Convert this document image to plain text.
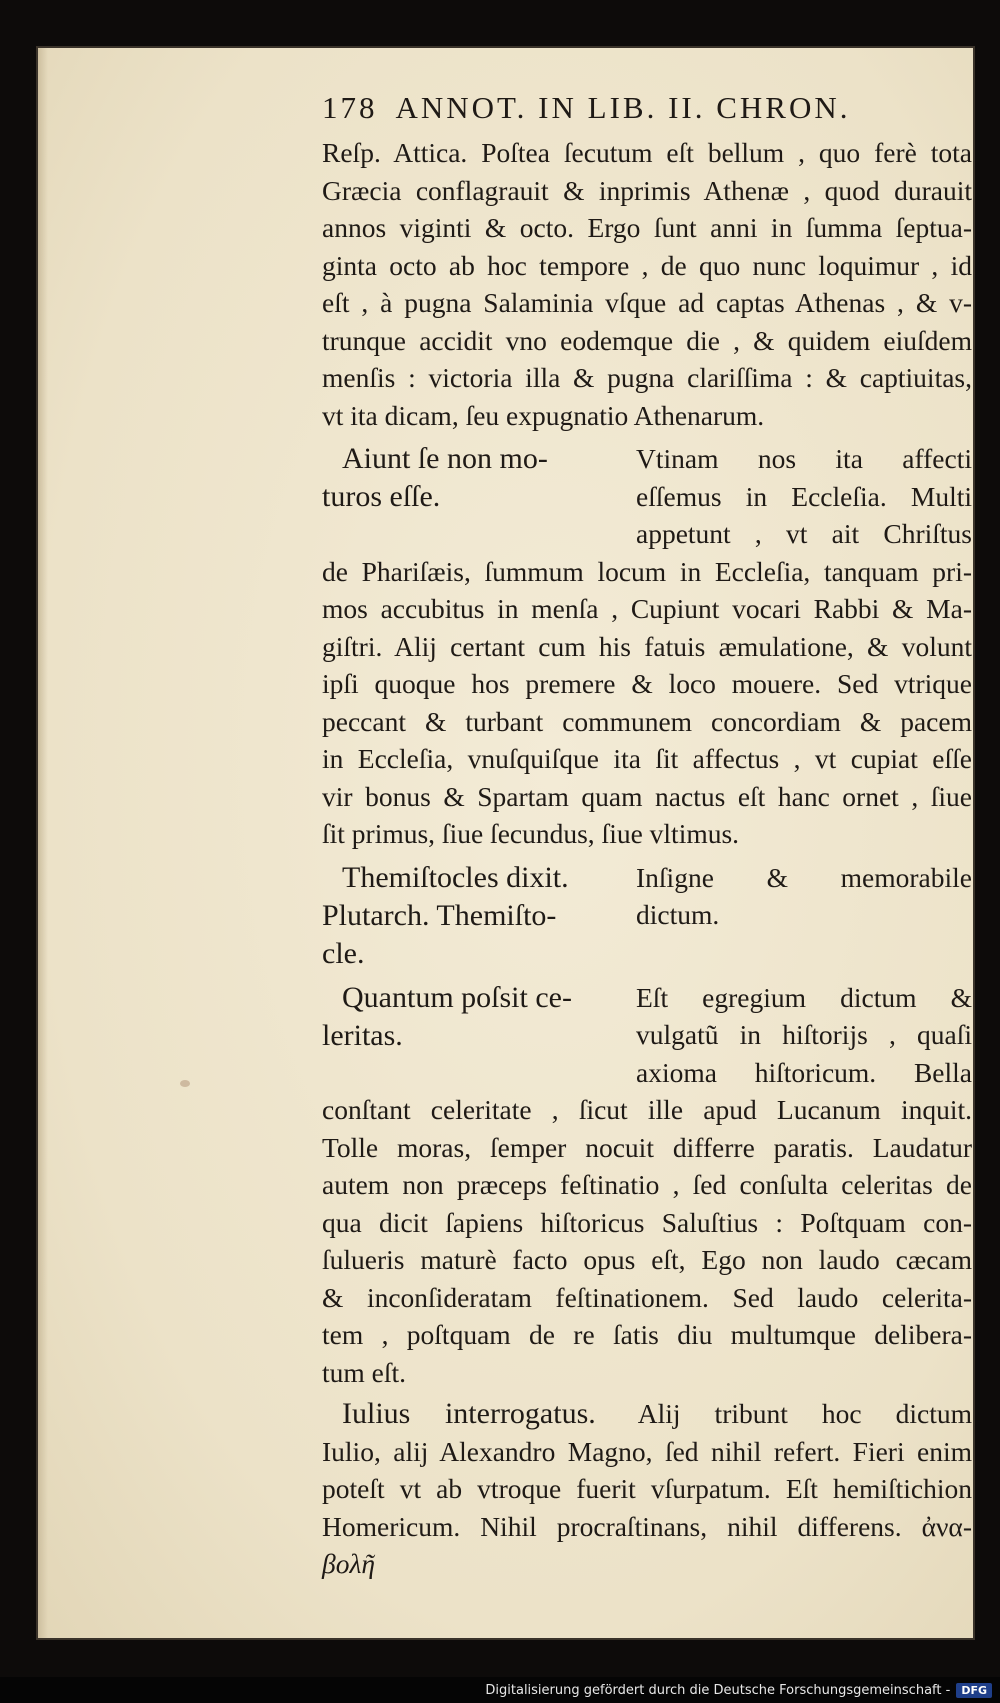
178 ANNOT. IN LIB. II. CHRON.

Reſp. Attica. Poſtea ſecutum eſt bellum , quo ferè tota

Græcia conflagrauit & inprimis Athenæ , quod durauit

annos viginti & octo. Ergo ſunt anni in ſumma ſeptua-

ginta octo ab hoc tempore , de quo nunc loquimur , id

eſt , à pugna Salaminia vſque ad captas Athenas , & v-

trunque accidit vno eodemque die , & quidem eiuſdem

menſis : victoria illa & pugna clariſſima : & captiuitas,

vt ita dicam, ſeu expugnatio Athenarum.

Aiunt ſe non mo-

turos eſſe.

Vtinam nos ita affecti

eſſemus in Eccleſia. Multi

appetunt , vt ait Chriſtus

de Phariſæis, ſummum locum in Eccleſia, tanquam pri-

mos accubitus in menſa , Cupiunt vocari Rabbi & Ma-

giſtri. Alij certant cum his fatuis æmulatione, & volunt

ipſi quoque hos premere & loco mouere. Sed vtrique

peccant & turbant communem concordiam & pacem

in Eccleſia, vnuſquiſque ita ſit affectus , vt cupiat eſſe

vir bonus & Spartam quam nactus eſt hanc ornet , ſiue

ſit primus, ſiue ſecundus, ſiue vltimus.

Themiſtocles dixit.

Plutarch. Themiſto-

cle.

Inſigne & memorabile

dictum.

Quantum poſsit ce-

leritas.

Eſt egregium dictum &

vulgatũ in hiſtorijs , quaſi

axioma hiſtoricum. Bella

conſtant celeritate , ſicut ille apud Lucanum inquit.

Tolle moras, ſemper nocuit differre paratis. Laudatur

autem non præceps feſtinatio , ſed conſulta celeritas de

qua dicit ſapiens hiſtoricus Saluſtius : Poſtquam con-

ſulueris maturè facto opus eſt, Ego non laudo cæcam

& inconſideratam feſtinationem. Sed laudo celerita-

tem , poſtquam de re ſatis diu multumque delibera-

tum eſt.

Iulius interrogatus. Alij tribunt hoc dictum

Iulio, alij Alexandro Magno, ſed nihil refert. Fieri enim

poteſt vt ab vtroque fuerit vſurpatum. Eſt hemiſtichion

Homericum. Nihil procraſtinans, nihil differens. ἀνα-

βολῆ

Digitalisierung gefördert durch die Deutsche Forschungsgemeinschaft -	DFG
